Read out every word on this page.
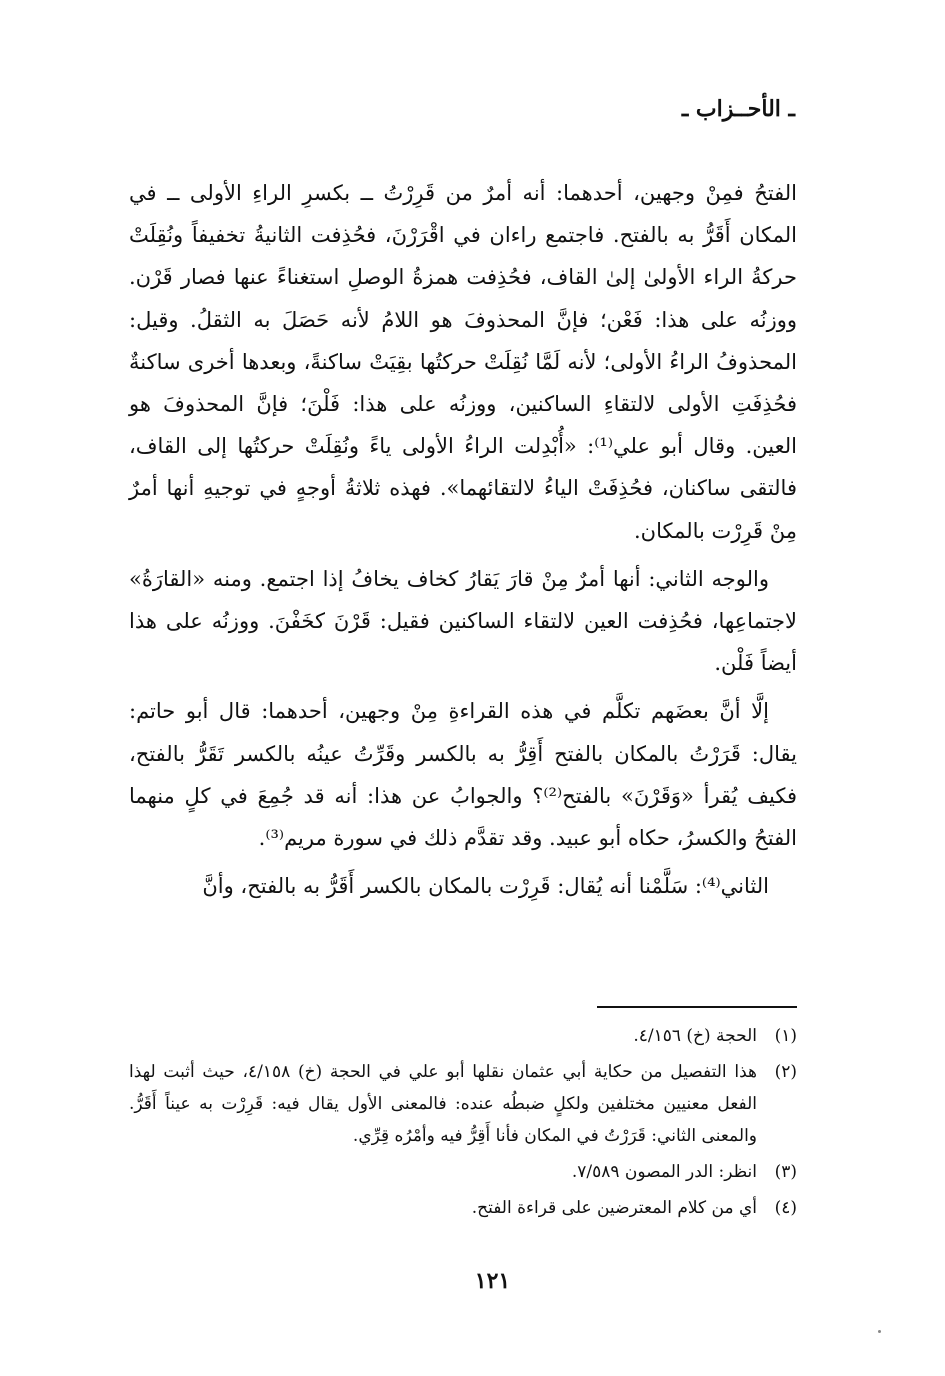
ـ الأحــزاب ـ

الفتحُ فمِنْ وجهين، أحدهما: أنه أمرٌ من قَرِرْتُ ــ بكسرِ الراءِ الأولى ــ في المكان أَقَرُّ به بالفتح. فاجتمع راءان في اقْرَرْنَ، فحُذِفت الثانيةُ تخفيفاً ونُقِلَتْ حركةُ الراء الأولىٰ إلىٰ القاف، فحُذِفت همزةُ الوصلِ استغناءً عنها فصار قَرْن. ووزنُه على هذا: فَعْن؛ فإنَّ المحذوفَ هو اللامُ لأنه حَصَلَ به الثقلُ. وقيل: المحذوفُ الراءُ الأولى؛ لأنه لَمَّا نُقِلَتْ حركتُها بقِيَتْ ساكنةً، وبعدها أخرى ساكنةٌ فحُذِفَتِ الأولى لالتقاءِ الساكنين، ووزنُه على هذا: فَلْنَ؛ فإنَّ المحذوفَ هو العين. وقال أبو علي⁽¹⁾: «أُبْدِلت الراءُ الأولى ياءً ونُقِلَتْ حركتُها إلى القاف، فالتقى ساكنان، فحُذِفَتْ الياءُ لالتقائهما». فهذه ثلاثةُ أوجهٍ في توجيهِ أنها أمرٌ مِنْ قَرِرْت بالمكان.

والوجه الثاني: أنها أمرٌ مِنْ قارَ يَقارُ كخاف يخافُ إذا اجتمع. ومنه «القارَةُ» لاجتماعِها، فحُذِفت العين لالتقاء الساكنين فقيل: قَرْنَ كخَفْنَ. ووزنُه على هذا أيضاً فَلْن.

إلَّا أنَّ بعضَهم تكلَّم في هذه القراءةِ مِنْ وجهين، أحدهما: قال أبو حاتم: يقال: قَرَرْتُ بالمكان بالفتح أَقِرُّ به بالكسر وقَرِّتُ عينُه بالكسر تَقَرُّ بالفتح، فكيف يُقرأ «وَقَرْنَ» بالفتح⁽²⁾؟ والجوابُ عن هذا: أنه قد جُمِعَ في كلٍ منهما الفتحُ والكسرُ، حكاه أبو عبيد. وقد تقدَّم ذلك في سورة مريم⁽³⁾.

الثاني⁽⁴⁾: سَلَّمْنا أنه يُقال: قَرِرْت بالمكان بالكسر أَقَرُّ به بالفتح، وأنَّ

(١)
الحجة (خ) ٤/١٥٦.
(٢)
هذا التفصيل من حكاية أبي عثمان نقلها أبو علي في الحجة (خ) ٤/١٥٨، حيث أثبت لهذا الفعل معنيين مختلفين ولكلٍ ضبطُه عنده: فالمعنى الأول يقال فيه: قَرِرْت به عيناً أَقَرُّ. والمعنى الثاني: قَرَرْتُ في المكان فأنا أَقِرُّ فيه وأمْرُه قِرِّي.
(٣)
انظر: الدر المصون ٧/٥٨٩.
(٤)
أي من كلام المعترضين على قراءة الفتح.
١٢١
